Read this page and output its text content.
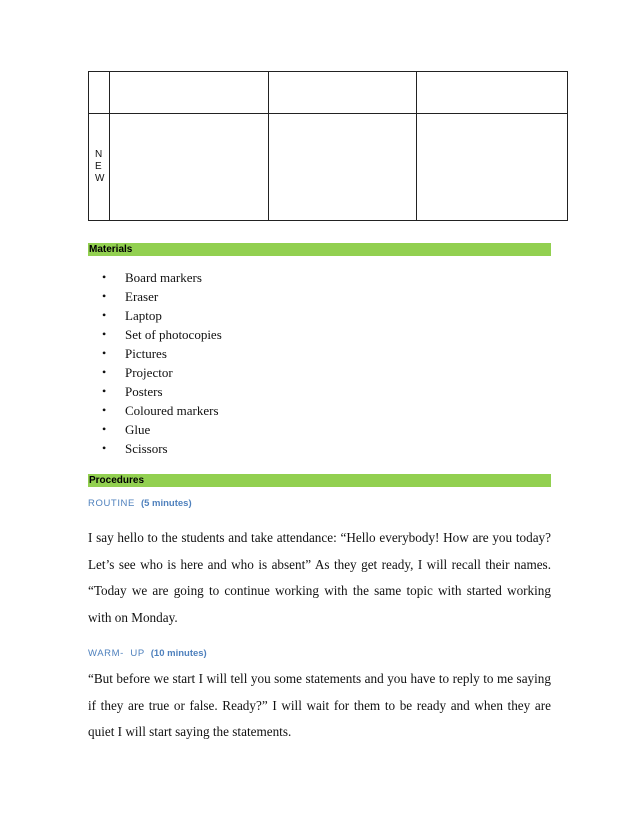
N
E
W			

Materials
• Board markers
• Eraser
• Laptop
• Set of photocopies
• Pictures
• Projector
• Posters
• Coloured markers
• Glue
• Scissors
Procedures
ROUTINE (5 minutes)

I say hello to the students and take attendance: “Hello everybody! How are you today? Let’s see who is here and who is absent” As they get ready, I will recall their names. “Today we are going to continue working with the same topic with started working with on Monday.

WARM-  UP (10 minutes)

“But before we start I will tell you some statements and you have to reply to me saying if they are true or false. Ready?” I will wait for them to be ready and when they are quiet I will start saying the statements.
